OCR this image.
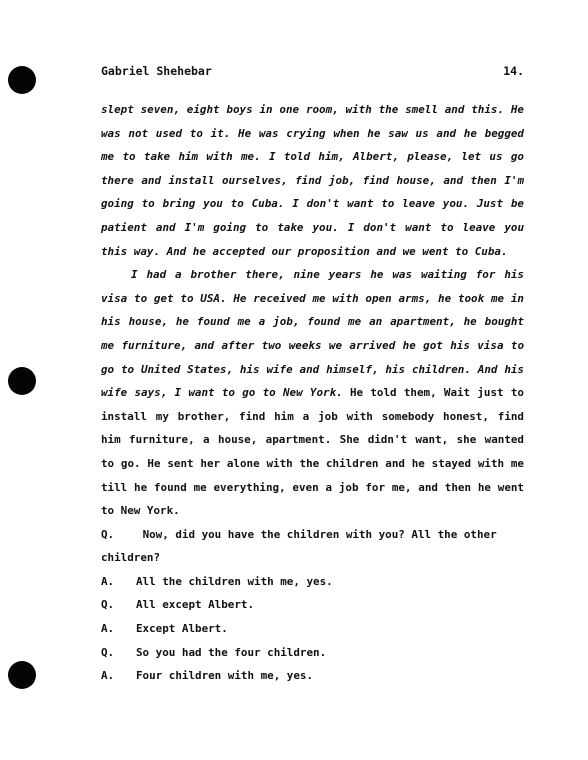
Gabriel Shehebar	14.

slept seven, eight boys in one room, with the smell and this. He was not used to it. He was crying when he saw us and he begged me to take him with me. I told him, Albert, please, let us go there and install ourselves, find job, find house, and then I'm going to bring you to Cuba. I don't want to leave you. Just be patient and I'm going to take you. I don't want to leave you this way. And he accepted our proposition and we went to Cuba.

I had a brother there, nine years he was waiting for his visa to get to USA. He received me with open arms, he took me in his house, he found me a job, found me an apartment, he bought me furniture, and after two weeks we arrived he got his visa to go to United States, his wife and himself, his children. And his wife says, I want to go to New York. He told them, Wait just to install my brother, find him a job with somebody honest, find him furniture, a house, apartment. She didn't want, she wanted to go. He sent her alone with the children and he stayed with me till he found me everything, even a job for me, and then he went to New York.

Q.	Now, did you have the children with you? All the other children?
A.	All the children with me, yes.
Q.	All except Albert.
A.	Except Albert.
Q.	So you had the four children.
A.	Four children with me, yes.
